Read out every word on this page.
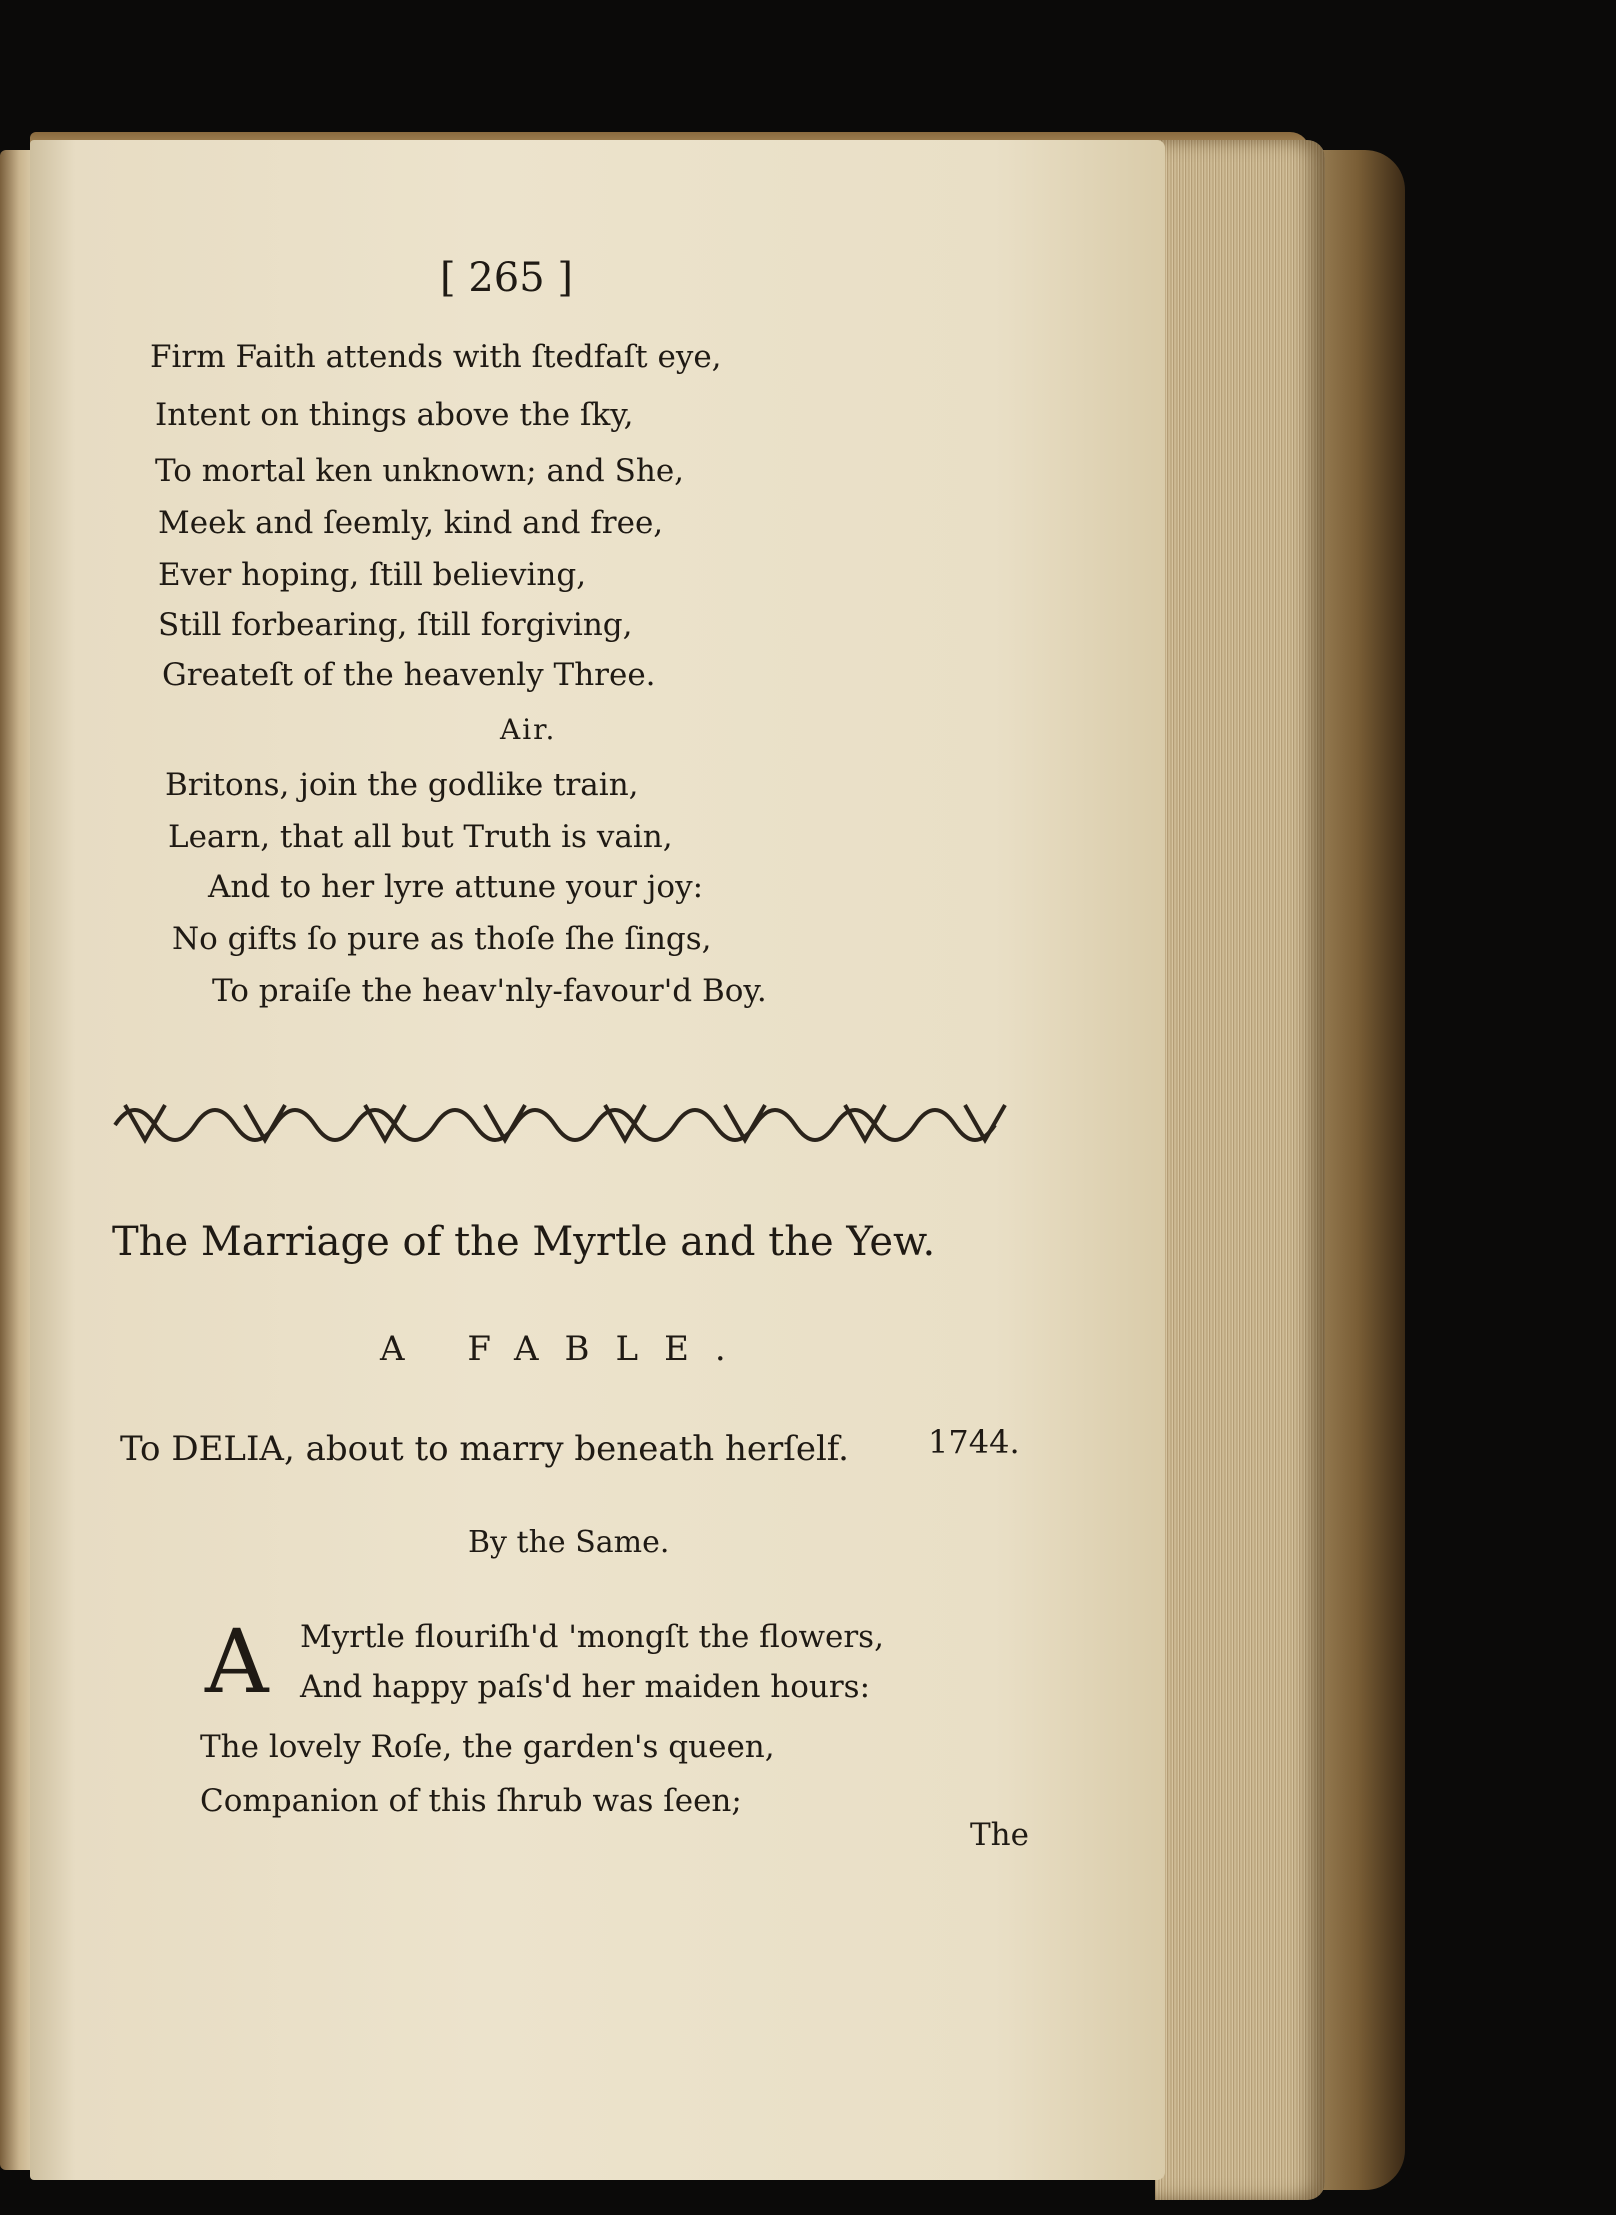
[ 265 ]
Firm Faith attends with ſtedfaſt eye,
Intent on things above the ſky,
To mortal ken unknown; and She,
Meek and ſeemly, kind and free,
Ever hoping, ſtill believing,
Still forbearing, ſtill forgiving,
Greateſt of the heavenly Three.
Air.
Britons, join the godlike train,
Learn, that all but Truth is vain,
And to her lyre attune your joy:
No gifts ſo pure as thoſe ſhe ſings,
To praiſe the heav'nly-favour'd Boy.
The Marriage of the Myrtle and the Yew.
A FABLE.
To DELIA, about to marry beneath herſelf. 1744.
By the Same.
A Myrtle flouriſh'd 'mongſt the flowers,
And happy paſs'd her maiden hours:
The lovely Roſe, the garden's queen,
Companion of this ſhrub was ſeen;
The
